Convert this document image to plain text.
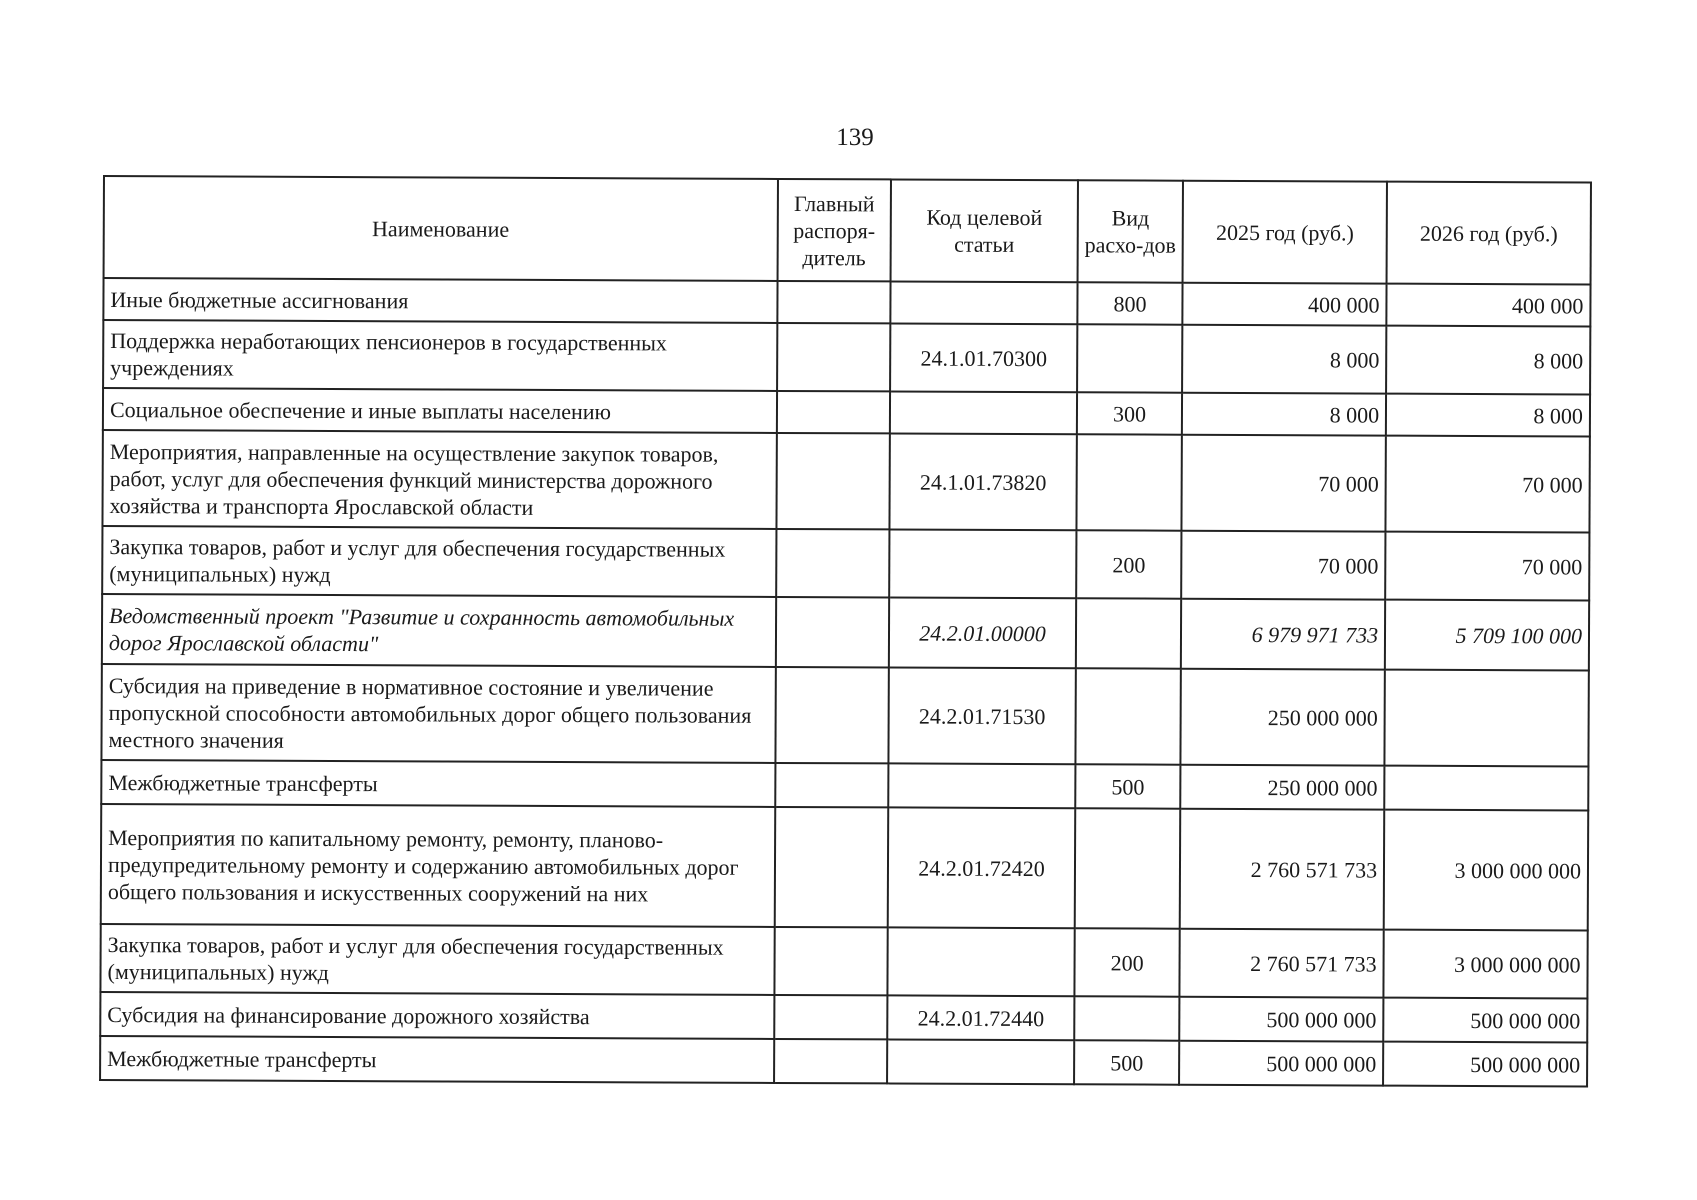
139
Наименование	Главный распоря-дитель	Код целевой статьи	Вид расхо-дов	2025 год (руб.)	2026 год (руб.)
Иные бюджетные ассигнования			800	400 000	400 000
Поддержка неработающих пенсионеров в государственных учреждениях		24.1.01.70300		8 000	8 000
Социальное обеспечение и иные выплаты населению			300	8 000	8 000
Мероприятия, направленные на осуществление закупок товаров, работ, услуг для обеспечения функций министерства дорожного хозяйства и транспорта Ярославской области		24.1.01.73820		70 000	70 000
Закупка товаров, работ и услуг для обеспечения государственных (муниципальных) нужд			200	70 000	70 000
Ведомственный проект "Развитие и сохранность автомобильных дорог Ярославской области"		24.2.01.00000		6 979 971 733	5 709 100 000
Субсидия на приведение в нормативное состояние и увеличение пропускной способности автомобильных дорог общего пользования местного значения		24.2.01.71530		250 000 000	
Межбюджетные трансферты			500	250 000 000	
Мероприятия по капитальному ремонту, ремонту, планово-предупредительному ремонту и содержанию автомобильных дорог общего пользования и искусственных сооружений на них		24.2.01.72420		2 760 571 733	3 000 000 000
Закупка товаров, работ и услуг для обеспечения государственных (муниципальных) нужд			200	2 760 571 733	3 000 000 000
Субсидия на финансирование дорожного хозяйства		24.2.01.72440		500 000 000	500 000 000
Межбюджетные трансферты			500	500 000 000	500 000 000
